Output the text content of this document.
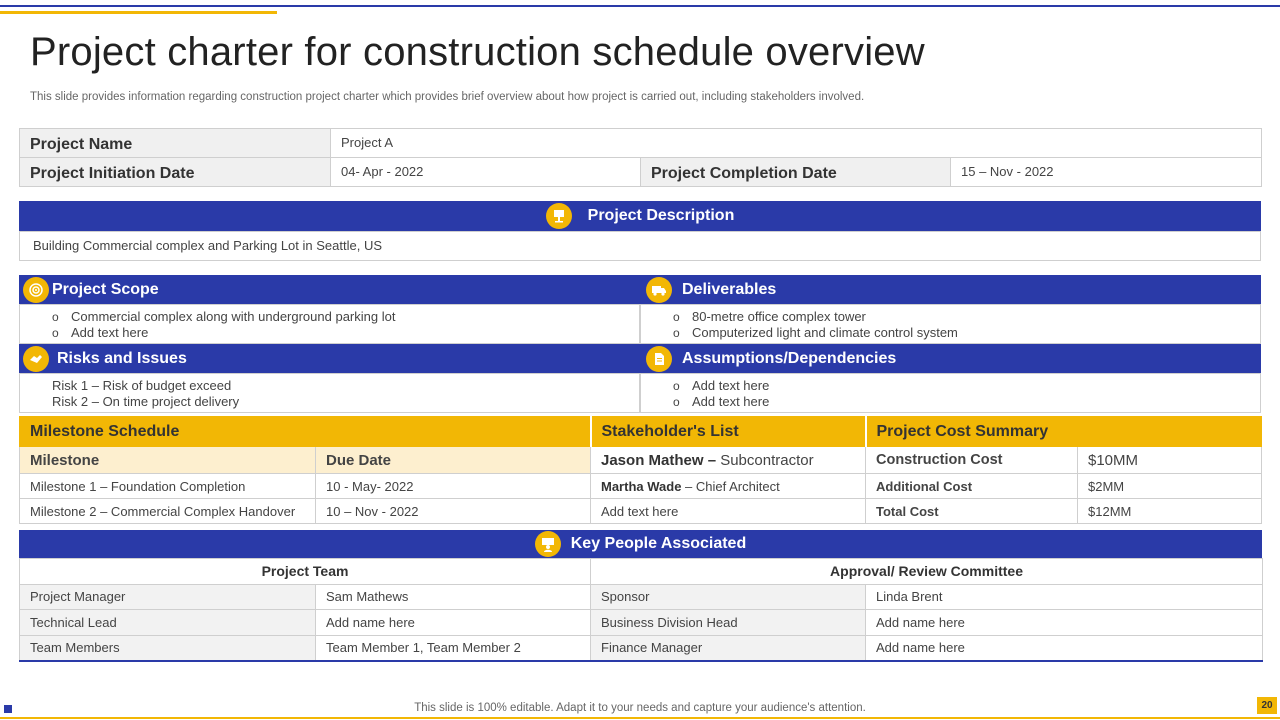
Project charter for construction schedule overview
This slide provides information regarding construction project charter which provides brief overview about how project is carried out, including stakeholders involved.
Project Name	Project A		
Project Initiation Date	04- Apr - 2022	Project Completion Date	15 – Nov - 2022
Project Description
Building Commercial complex and Parking Lot in Seattle, US
Project Scope
o Commercial complex along with underground parking lot
o Add text here
Deliverables
o 80-metre office complex tower
o Computerized light and climate control system
Risks and Issues
Risk 1 – Risk of budget exceed
Risk 2 – On time project delivery
Assumptions/Dependencies
o Add text here
o Add text here
Milestone Schedule		Stakeholder's List	Project Cost Summary	
Milestone	Due Date	Jason Mathew – Subcontractor	Construction Cost	$10MM
Milestone 1 – Foundation Completion	10 - May- 2022	Martha Wade – Chief Architect	Additional Cost	$2MM
Milestone 2 – Commercial Complex Handover	10 – Nov - 2022	Add text here	Total Cost	$12MM
Key People Associated
Project Team		Approval/ Review Committee	
Project Manager	Sam Mathews	Sponsor	Linda Brent
Technical Lead	Add name here	Business Division Head	Add name here
Team Members	Team Member 1, Team Member 2	Finance Manager	Add name here
This slide is 100% editable. Adapt it to your needs and capture your audience's attention.	20
